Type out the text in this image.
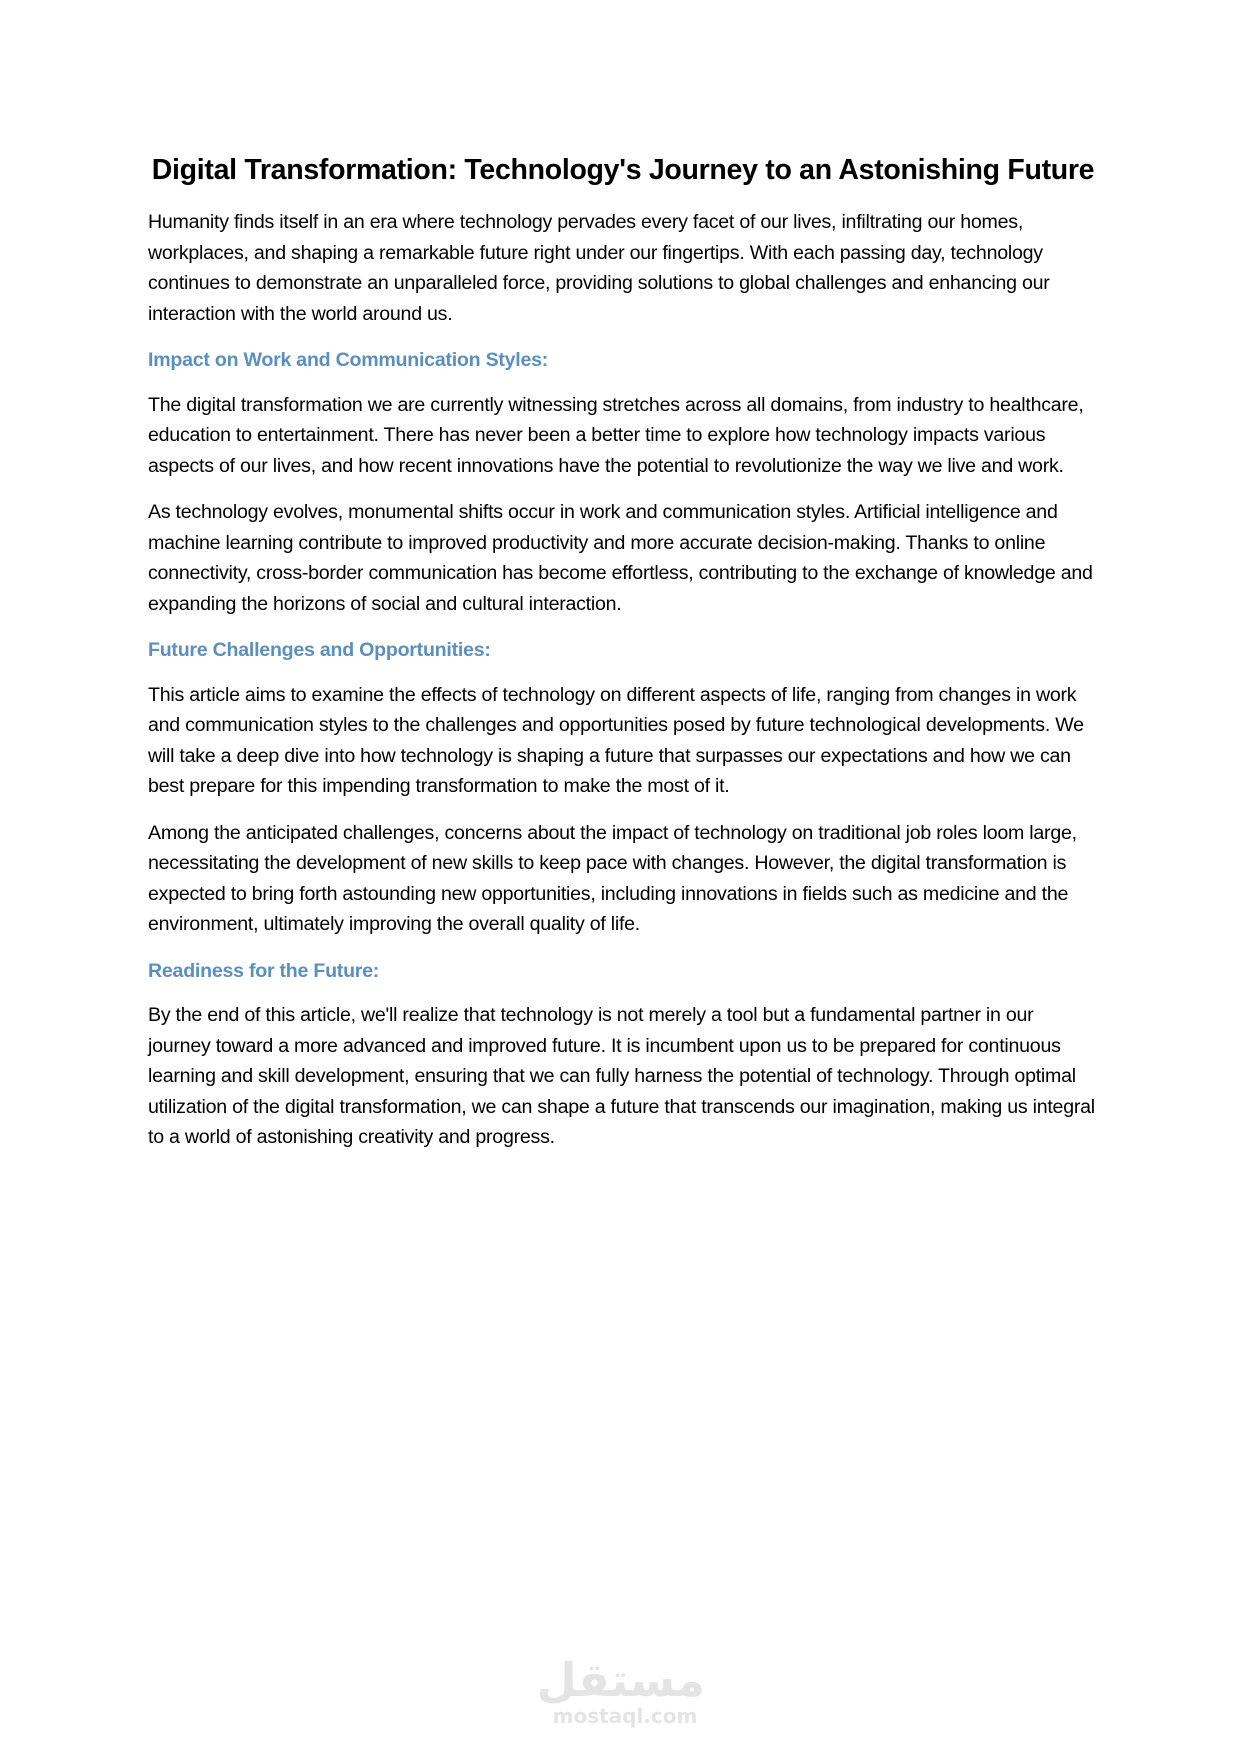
Digital Transformation: Technology's Journey to an Astonishing Future

Humanity finds itself in an era where technology pervades every facet of our lives, infiltrating our homes, workplaces, and shaping a remarkable future right under our fingertips. With each passing day, technology continues to demonstrate an unparalleled force, providing solutions to global challenges and enhancing our interaction with the world around us.

Impact on Work and Communication Styles:

The digital transformation we are currently witnessing stretches across all domains, from industry to healthcare, education to entertainment. There has never been a better time to explore how technology impacts various aspects of our lives, and how recent innovations have the potential to revolutionize the way we live and work.

As technology evolves, monumental shifts occur in work and communication styles. Artificial intelligence and machine learning contribute to improved productivity and more accurate decision-making. Thanks to online connectivity, cross-border communication has become effortless, contributing to the exchange of knowledge and expanding the horizons of social and cultural interaction.

Future Challenges and Opportunities:

This article aims to examine the effects of technology on different aspects of life, ranging from changes in work and communication styles to the challenges and opportunities posed by future technological developments. We will take a deep dive into how technology is shaping a future that surpasses our expectations and how we can best prepare for this impending transformation to make the most of it.

Among the anticipated challenges, concerns about the impact of technology on traditional job roles loom large, necessitating the development of new skills to keep pace with changes. However, the digital transformation is expected to bring forth astounding new opportunities, including innovations in fields such as medicine and the environment, ultimately improving the overall quality of life.

Readiness for the Future:

By the end of this article, we'll realize that technology is not merely a tool but a fundamental partner in our journey toward a more advanced and improved future. It is incumbent upon us to be prepared for continuous learning and skill development, ensuring that we can fully harness the potential of technology. Through optimal utilization of the digital transformation, we can shape a future that transcends our imagination, making us integral to a world of astonishing creativity and progress.

مستقل
mostaql.com
